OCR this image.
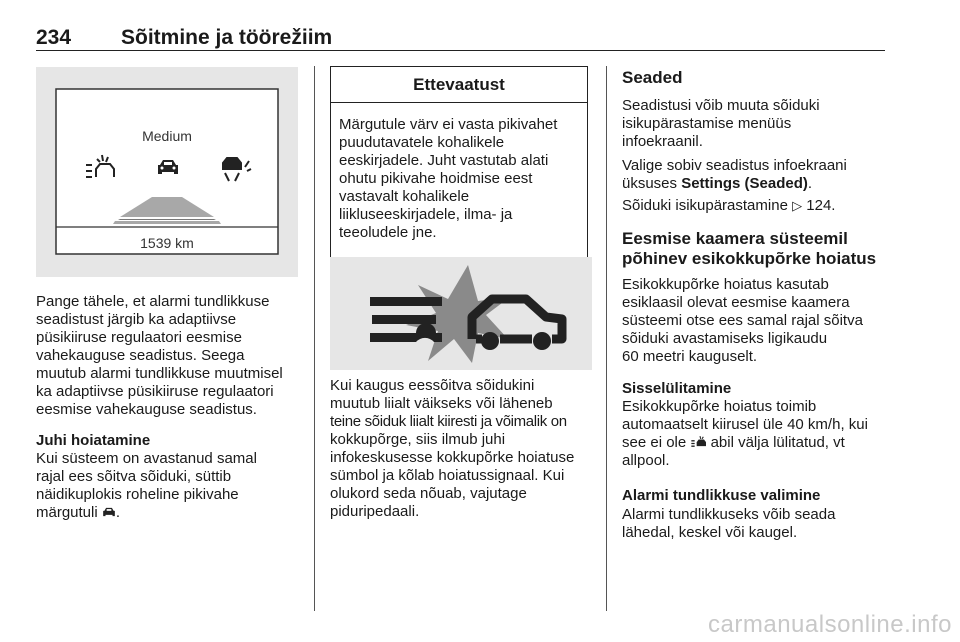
234 Sõitmine ja töörežiim
Medium
1539 km
Pange tähele, et alarmi tundlikkuse
seadistust järgib ka adaptiivse
püsikiiruse regulaatori eesmise
vahekauguse seadistus. Seega
muutub alarmi tundlikkuse muutmisel
ka adaptiivse püsikiiruse regulaatori
eesmise vahekauguse seadistus.
Juhi hoiatamine
Kui süsteem on avastanud samal
rajal ees sõitva sõiduki, süttib
näidikuplokis roheline pikivahe
märgutuli .
Ettevaatust
Märgutule värv ei vasta pikivahet
puudutavatele kohalikele
eeskirjadele. Juht vastutab alati
ohutu pikivahe hoidmise eest
vastavalt kohalikele
liikluseeskirjadele, ilma- ja
teeoludele jne.
Kui kaugus eessõitva sõidukini
muutub liialt väikseks või läheneb
teine sõiduk liialt kiiresti ja võimalik on
kokkupõrge, siis ilmub juhi
infokeskusesse kokkupõrke hoiatuse
sümbol ja kõlab hoiatussignaal. Kui
olukord seda nõuab, vajutage
piduripedaali.
Seaded
Seadistusi võib muuta sõiduki
isikupärastamise menüüs
infoekraanil.
Valige sobiv seadistus infoekraani
üksuses Settings (Seaded).
Sõiduki isikupärastamine ▷ 124.
Eesmise kaamera süsteemil
põhinev esikokkupõrke hoiatus
Esikokkupõrke hoiatus kasutab
esiklaasil olevat eesmise kaamera
süsteemi otse ees samal rajal sõitva
sõiduki avastamiseks ligikaudu
60 meetri kauguselt.
Sisselülitamine
Esikokkupõrke hoiatus toimib
automaatselt kiirusel üle 40 km/h, kui
see ei ole abil välja lülitatud, vt
allpool.
Alarmi tundlikkuse valimine
Alarmi tundlikkuseks võib seada
lähedal, keskel või kaugel.
carmanualsonline.info
